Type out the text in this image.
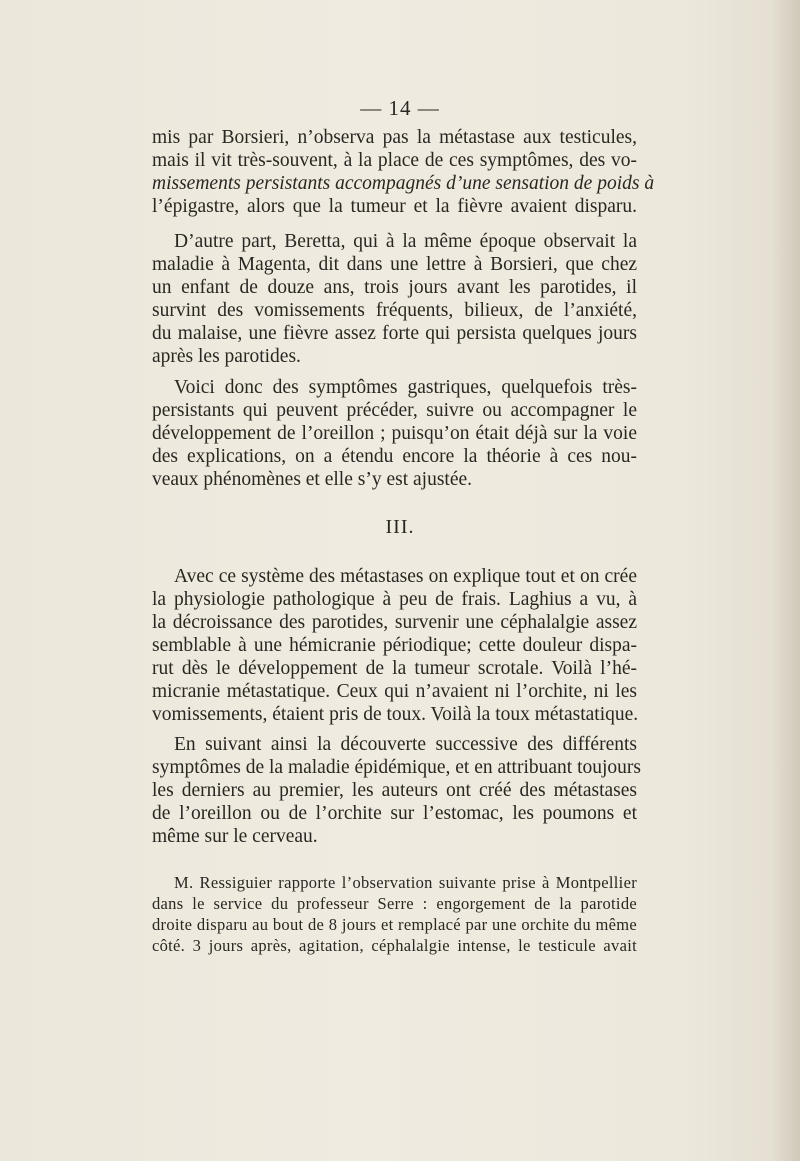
— 14 —
mis par Borsieri, n’observa pas la métastase aux testicules,
mais il vit très-souvent, à la place de ces symptômes, des vo-
missements persistants accompagnés d’une sensation de poids à
l’épigastre, alors que la tumeur et la fièvre avaient disparu.
D’autre part, Beretta, qui à la même époque observait la
maladie à Magenta, dit dans une lettre à Borsieri, que chez
un enfant de douze ans, trois jours avant les parotides, il
survint des vomissements fréquents, bilieux, de l’anxiété,
du malaise, une fièvre assez forte qui persista quelques jours
après les parotides.
Voici donc des symptômes gastriques, quelquefois très-
persistants qui peuvent précéder, suivre ou accompagner le
développement de l’oreillon ; puisqu’on était déjà sur la voie
des explications, on a étendu encore la théorie à ces nou-
veaux phénomènes et elle s’y est ajustée.
III.
Avec ce système des métastases on explique tout et on crée
la physiologie pathologique à peu de frais. Laghius a vu, à
la décroissance des parotides, survenir une céphalalgie assez
semblable à une hémicranie périodique; cette douleur dispa-
rut dès le développement de la tumeur scrotale. Voilà l’hé-
micranie métastatique. Ceux qui n’avaient ni l’orchite, ni les
vomissements, étaient pris de toux. Voilà la toux métastatique.
En suivant ainsi la découverte successive des différents
symptômes de la maladie épidémique, et en attribuant toujours
les derniers au premier, les auteurs ont créé des métastases
de l’oreillon ou de l’orchite sur l’estomac, les poumons et
même sur le cerveau.
M. Ressiguier rapporte l’observation suivante prise à Montpellier
dans le service du professeur Serre : engorgement de la parotide
droite disparu au bout de 8 jours et remplacé par une orchite du même
côté. 3 jours après, agitation, céphalalgie intense, le testicule avait
